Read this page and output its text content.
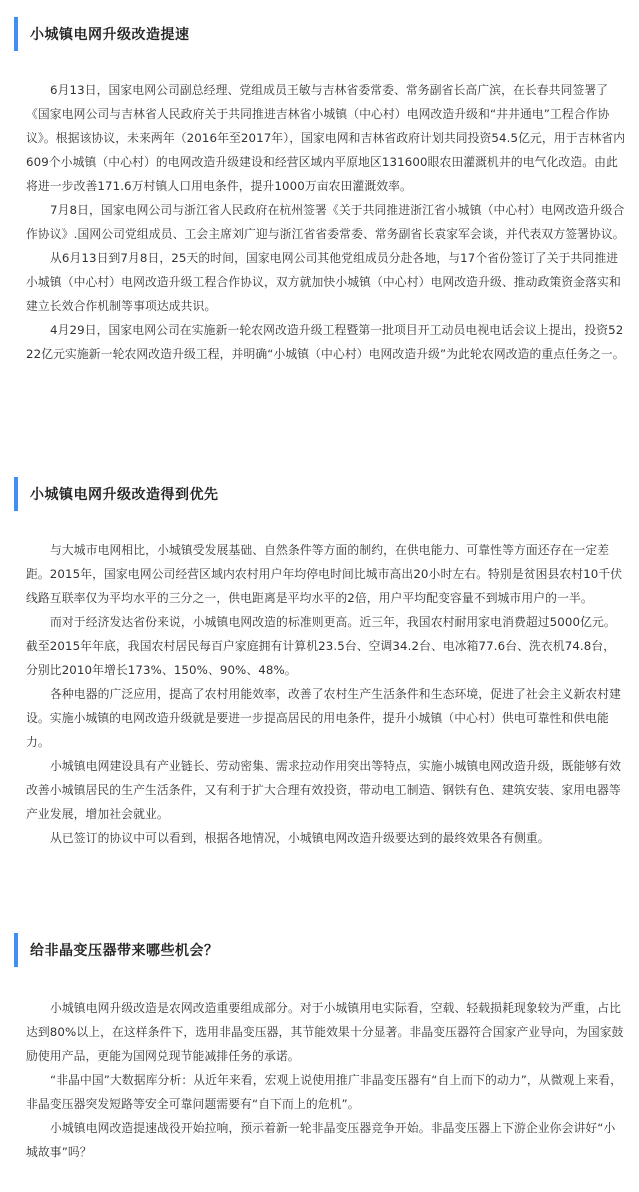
小城镇电网升级改造提速

6月13日，国家电网公司副总经理、党组成员王敏与吉林省委常委、常务副省长高广滨，在长春共同签署了《国家电网公司与吉林省人民政府关于共同推进吉林省小城镇（中心村）电网改造升级和“井井通电”工程合作协议》。根据该协议，未来两年（2016年至2017年），国家电网和吉林省政府计划共同投资54.5亿元，用于吉林省内609个小城镇（中心村）的电网改造升级建设和经营区域内平原地区131600眼农田灌溉机井的电气化改造。由此将进一步改善171.6万村镇人口用电条件，提升1000万亩农田灌溉效率。

7月8日，国家电网公司与浙江省人民政府在杭州签署《关于共同推进浙江省小城镇（中心村）电网改造升级合作协议》.国网公司党组成员、工会主席刘广迎与浙江省省委常委、常务副省长袁家军会谈，并代表双方签署协议。

从6月13日到7月8日，25天的时间，国家电网公司其他党组成员分赴各地，与17个省份签订了关于共同推进小城镇（中心村）电网改造升级工程合作协议，双方就加快小城镇（中心村）电网改造升级、推动政策资金落实和建立长效合作机制等事项达成共识。

4月29日，国家电网公司在实施新一轮农网改造升级工程暨第一批项目开工动员电视电话会议上提出，投资5222亿元实施新一轮农网改造升级工程，并明确“小城镇（中心村）电网改造升级”为此轮农网改造的重点任务之一。

小城镇电网升级改造得到优先

与大城市电网相比，小城镇受发展基础、自然条件等方面的制约，在供电能力、可靠性等方面还存在一定差距。2015年，国家电网公司经营区域内农村用户年均停电时间比城市高出20小时左右。特别是贫困县农村10千伏线路互联率仅为平均水平的三分之一，供电距离是平均水平的2倍，用户平均配变容量不到城市用户的一半。

而对于经济发达省份来说，小城镇电网改造的标准则更高。近三年，我国农村耐用家电消费超过5000亿元。截至2015年年底，我国农村居民每百户家庭拥有计算机23.5台、空调34.2台、电冰箱77.6台、洗衣机74.8台，分别比2010年增长173%、150%、90%、48%。

各种电器的广泛应用，提高了农村用能效率，改善了农村生产生活条件和生态环境，促进了社会主义新农村建设。实施小城镇的电网改造升级就是要进一步提高居民的用电条件，提升小城镇（中心村）供电可靠性和供电能力。

小城镇电网建设具有产业链长、劳动密集、需求拉动作用突出等特点，实施小城镇电网改造升级，既能够有效改善小城镇居民的生产生活条件，又有利于扩大合理有效投资，带动电工制造、钢铁有色、建筑安装、家用电器等产业发展，增加社会就业。

从已签订的协议中可以看到，根据各地情况，小城镇电网改造升级要达到的最终效果各有侧重。

给非晶变压器带来哪些机会？

小城镇电网升级改造是农网改造重要组成部分。对于小城镇用电实际看，空载、轻载损耗现象较为严重，占比达到80%以上，在这样条件下，选用非晶变压器，其节能效果十分显著。非晶变压器符合国家产业导向，为国家鼓励使用产品，更能为国网兑现节能减排任务的承诺。

“非晶中国”大数据库分析：从近年来看，宏观上说使用推广非晶变压器有“自上而下的动力”，从微观上来看，非晶变压器突发短路等安全可靠问题需要有“自下而上的危机”。

小城镇电网改造提速战役开始拉响，预示着新一轮非晶变压器竞争开始。非晶变压器上下游企业你会讲好“小城故事”吗？
